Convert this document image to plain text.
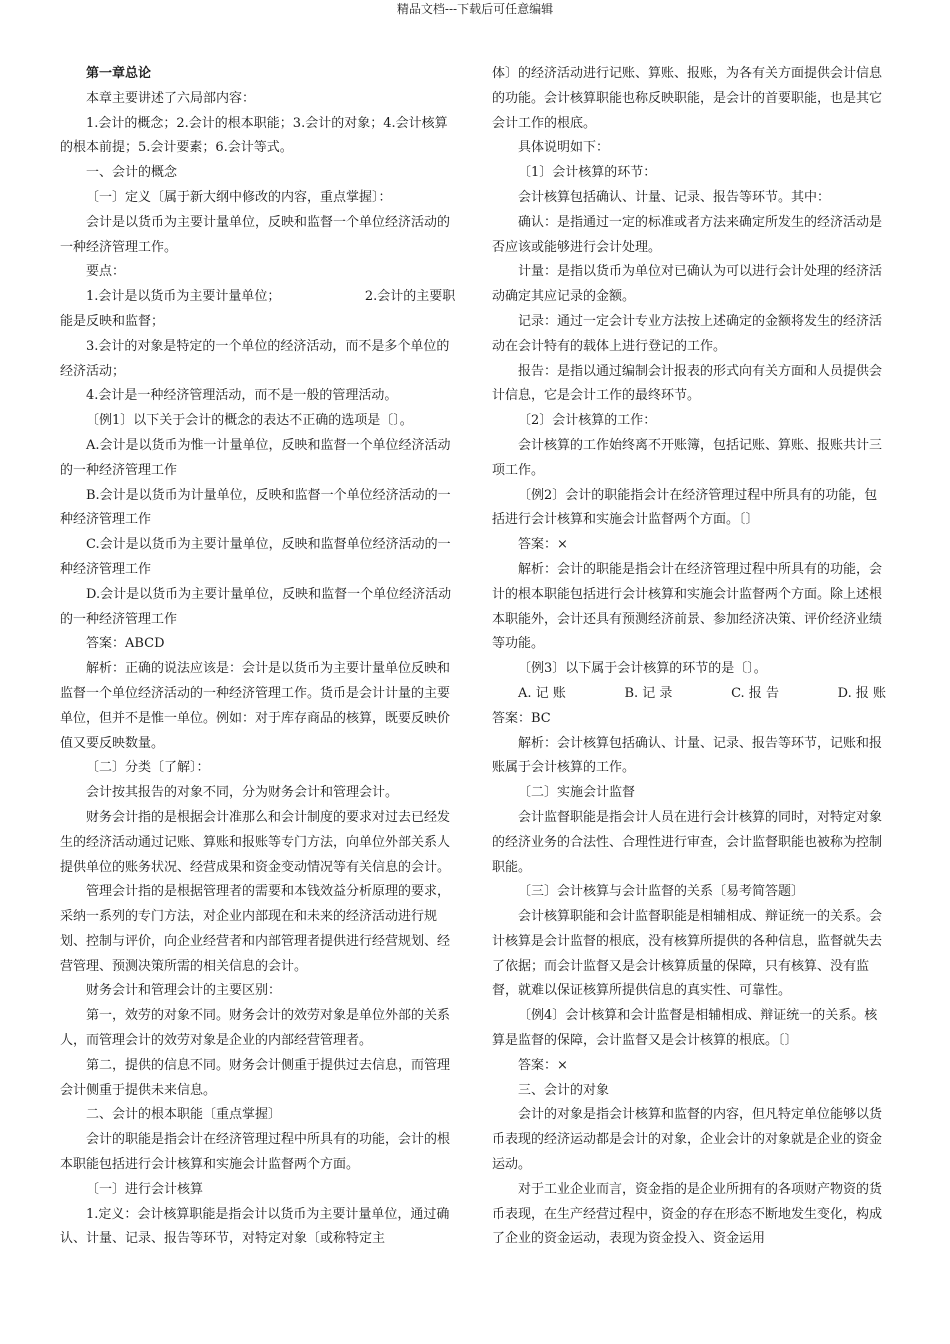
精品文档---下载后可任意编辑

第一章总论

本章主要讲述了六局部内容：

1.会计的概念；2.会计的根本职能；3.会计的对象；4.会计核算的根本前提；5.会计要素；6.会计等式。

一、会计的概念

〔一〕定义〔属于新大纲中修改的内容，重点掌握〕：

会计是以货币为主要计量单位，反映和监督一个单位经济活动的一种经济管理工作。

要点：

1.会计是以货币为主要计量单位；　　　　　　　2.会计的主要职能是反映和监督；

3.会计的对象是特定的一个单位的经济活动，而不是多个单位的经济活动；

4.会计是一种经济管理活动，而不是一般的管理活动。

〔例1〕以下关于会计的概念的表达不正确的选项是〔〕。

A.会计是以货币为惟一计量单位，反映和监督一个单位经济活动的一种经济管理工作

B.会计是以货币为计量单位，反映和监督一个单位经济活动的一种经济管理工作

C.会计是以货币为主要计量单位，反映和监督单位经济活动的一种经济管理工作

D.会计是以货币为主要计量单位，反映和监督一个单位经济活动的一种经济管理工作

答案：ABCD

解析：正确的说法应该是：会计是以货币为主要计量单位反映和监督一个单位经济活动的一种经济管理工作。货币是会计计量的主要单位，但并不是惟一单位。例如：对于库存商品的核算，既要反映价值又要反映数量。

〔二〕分类〔了解〕：

会计按其报告的对象不同，分为财务会计和管理会计。

财务会计指的是根据会计准那么和会计制度的要求对过去已经发生的经济活动通过记账、算账和报账等专门方法，向单位外部关系人提供单位的账务状况、经营成果和资金变动情况等有关信息的会计。

管理会计指的是根据管理者的需要和本钱效益分析原理的要求，采纳一系列的专门方法，对企业内部现在和未来的经济活动进行规划、控制与评价，向企业经营者和内部管理者提供进行经营规划、经营管理、预测决策所需的相关信息的会计。

财务会计和管理会计的主要区别：

第一，效劳的对象不同。财务会计的效劳对象是单位外部的关系人，而管理会计的效劳对象是企业的内部经营管理者。

第二，提供的信息不同。财务会计侧重于提供过去信息，而管理会计侧重于提供未来信息。

二、会计的根本职能〔重点掌握〕

会计的职能是指会计在经济管理过程中所具有的功能，会计的根本职能包括进行会计核算和实施会计监督两个方面。

〔一〕进行会计核算

1.定义：会计核算职能是指会计以货币为主要计量单位，通过确认、计量、记录、报告等环节，对特定对象〔或称特定主

体〕的经济活动进行记账、算账、报账，为各有关方面提供会计信息的功能。会计核算职能也称反映职能，是会计的首要职能，也是其它会计工作的根底。

具体说明如下：

〔1〕会计核算的环节：

会计核算包括确认、计量、记录、报告等环节。其中：

确认：是指通过一定的标准或者方法来确定所发生的经济活动是否应该或能够进行会计处理。

计量：是指以货币为单位对已确认为可以进行会计处理的经济活动确定其应记录的金额。

记录：通过一定会计专业方法按上述确定的金额将发生的经济活动在会计特有的载体上进行登记的工作。

报告：是指以通过编制会计报表的形式向有关方面和人员提供会计信息，它是会计工作的最终环节。

〔2〕会计核算的工作：

会计核算的工作始终离不开账簿，包括记账、算账、报账共计三项工作。

〔例2〕会计的职能指会计在经济管理过程中所具有的功能，包括进行会计核算和实施会计监督两个方面。〔〕

答案：×

解析：会计的职能是指会计在经济管理过程中所具有的功能，会计的根本职能包括进行会计核算和实施会计监督两个方面。除上述根本职能外，会计还具有预测经济前景、参加经济决策、评价经济业绩等功能。

〔例3〕以下属于会计核算的环节的是〔〕。

A. 记 账	B. 记 录	C. 报 告	D. 报 账

答案：BC

解析：会计核算包括确认、计量、记录、报告等环节，记账和报账属于会计核算的工作。

〔二〕实施会计监督

会计监督职能是指会计人员在进行会计核算的同时，对特定对象的经济业务的合法性、合理性进行审查，会计监督职能也被称为控制职能。

〔三〕会计核算与会计监督的关系〔易考简答题〕

会计核算职能和会计监督职能是相辅相成、辩证统一的关系。会计核算是会计监督的根底，没有核算所提供的各种信息，监督就失去了依据；而会计监督又是会计核算质量的保障，只有核算、没有监督，就难以保证核算所提供信息的真实性、可靠性。

〔例4〕会计核算和会计监督是相辅相成、辩证统一的关系。核算是监督的保障，会计监督又是会计核算的根底。〔〕

答案：×

三、会计的对象

会计的对象是指会计核算和监督的内容，但凡特定单位能够以货币表现的经济运动都是会计的对象，企业会计的对象就是企业的资金运动。

对于工业企业而言，资金指的是企业所拥有的各项财产物资的货币表现，在生产经营过程中，资金的存在形态不断地发生变化，构成了企业的资金运动，表现为资金投入、资金运用
